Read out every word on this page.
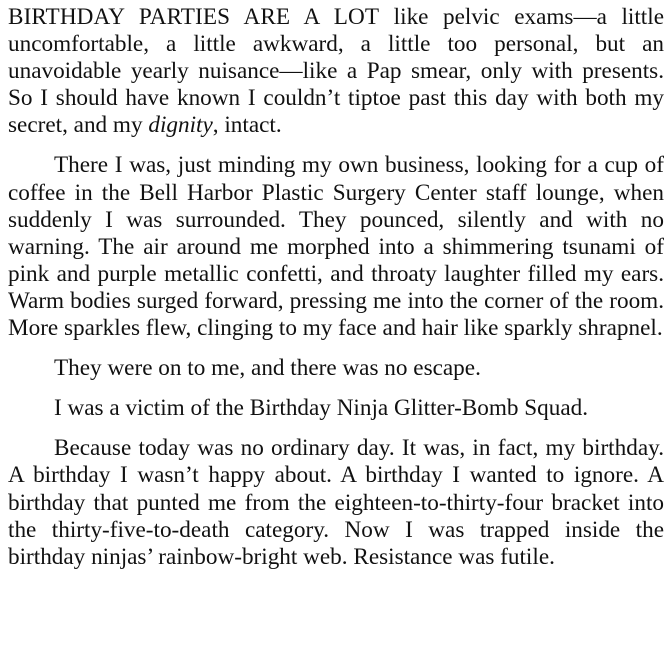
BIRTHDAY PARTIES ARE A LOT like pelvic exams—a little uncomfortable, a little awkward, a little too personal, but an unavoidable yearly nuisance—like a Pap smear, only with presents. So I should have known I couldn’t tiptoe past this day with both my secret, and my dignity, intact.

There I was, just minding my own business, looking for a cup of coffee in the Bell Harbor Plastic Surgery Center staff lounge, when suddenly I was surrounded. They pounced, silently and with no warning. The air around me morphed into a shimmering tsunami of pink and purple metallic confetti, and throaty laughter filled my ears. Warm bodies surged forward, pressing me into the corner of the room. More sparkles flew, clinging to my face and hair like sparkly shrapnel.

They were on to me, and there was no escape.

I was a victim of the Birthday Ninja Glitter-Bomb Squad.

Because today was no ordinary day. It was, in fact, my birthday. A birthday I wasn’t happy about. A birthday I wanted to ignore. A birthday that punted me from the eighteen-to-thirty-four bracket into the thirty-five-to-death category. Now I was trapped inside the birthday ninjas’ rainbow-bright web. Resistance was futile.
